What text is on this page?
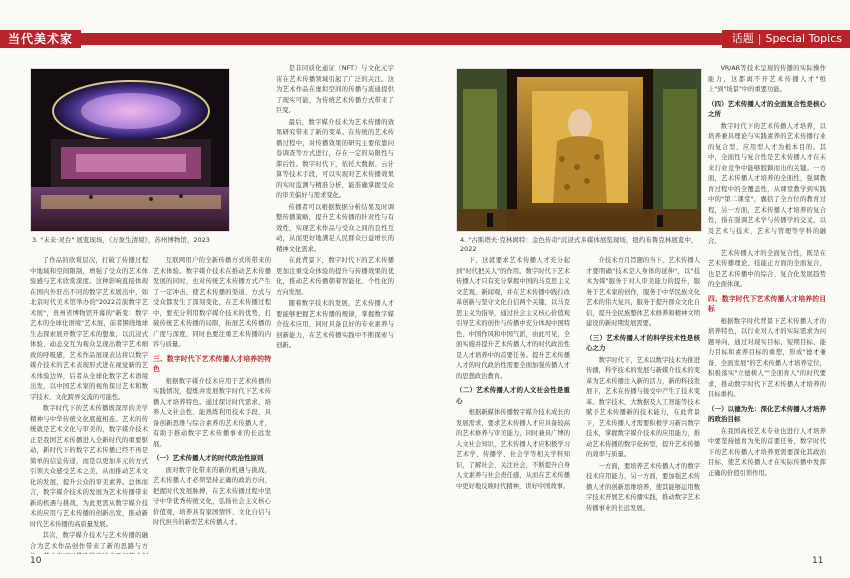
当代美术家	话题 | Special Topics
3. "未来·灵台" 展览现场，《万象生清境》，苏州博物馆，2023

了作品的欣赏层次，打破了传播过程中地域和空间限制，增强了受众的艺术体验感与艺术欣赏深度。这种影响直接体现在国内外驻出不同的数字艺术展出中，如北京时代美术馆举办的"2022首演数字艺术展"，贵州省博物馆开幕的"新变：数字艺术的全球化语境"艺术展，前者围绕地球生态探索展开数字艺术的想象，以沉浸式体验、动态交互为观众呈现出数字艺术细致的呼吸感，艺术作品展现表达将以数字媒介技术的艺术表现形式进在视觉新的艺术体验边界，后者从全球化数字艺术语境出发，以中国艺术家的视角探讨艺术和数字技术、文化跨界交流的可能性。

数字时代下的艺术传播既深厚的美学精神与中华传统文化底蕴相连。艺术的传统就是艺术文化与审美的，数字媒介技术正是我国艺术传播进入全新时代的重要驱动，新时代下的数字艺术传播已经不再是简单的信息传递，而是以更加多元的方式引领大众感受艺术之美，从而推动艺术文化的发展，提升公众的审美素养。总体而言，数字媒介技术的发展为艺术传播带来新的机遇与挑战，为此更需从数字媒介技术的应用与艺术传播的创新出发，推动新时代艺术传播的高质量发展。

其次，数字媒介技术与艺术传播的融合为艺术作品创作带来了新的思路与方

互联网用户的全新传播方式所带来的艺术体验。数字媒介技术在推动艺术传播发展的同时，也对传统艺术传播方式产生了一定冲击，使艺术传播的渠道、方式与受众都发生了深刻变化，在艺术传播过程中，要充分利用数字媒介技术的优势，打破传统艺术传播的局限，拓展艺术传播的广度与深度，同时也要注重艺术传播的内容与质量。

三、数字时代下艺术传播人才培养的特色

根据数字媒介技术应用于艺术传播的实践情况，提炼并发展数字时代下艺术传播人才培养特色。通过探讨时代需求、培养人文社会性、能熟练利用技术手段、具备创新思维与综合素养的艺术传播人才，有助于推动数字艺术传播事业的长远发展。

（一）艺术传播人才的时代政治性原则

面对数字化带来的新的机遇与挑战，艺术传播人才必须坚持正确的政治方向，把握时代发展脉搏，在艺术传播过程中坚守中华优秀传统文化，弘扬社会主义核心价值观，培养具有家国情怀、文化自信与时代担当的新型艺术传播人才。

是非同质化通证（NFT）与文化元宇宙在艺术传播领域引起了广泛的关注。这为艺术作品在虚拟空间的传播与流通提供了现实可能，为传统艺术传播方式带来了巨变。

最后，数字媒介技术为艺术传播的效果研究带来了新的变革。在传统的艺术传播过程中，对传播效果的研究主要依靠问卷调查等方式进行，存在一定的局限性与滞后性。数字时代下，依托大数据、云计算等技术手段，可以实现对艺术传播效果的实时监测与精准分析，能准确掌握受众的审美偏好与需求变化。

传播者可以根据数据分析结果及时调整传播策略，提升艺术传播的针对性与有效性，实现艺术作品与受众之间的良性互动，从而更好地满足人民群众日益增长的精神文化需求。

在此背景下，数字时代下的艺术传播更加注重受众体验的提升与传播效果的优化，推动艺术传播朝着智能化、个性化的方向发展。

随着数字技术的发展，艺术传播人才要能够把握艺术传播的规律，掌握数字媒介技术应用，同时具备良好的专业素养与创新能力，在艺术传播实践中不断探索与创新。

10
4. "古斯塔夫·克林姆特：金色传奇"沉浸式多媒体展览现场，纽约布鲁克林展览中，2022

下，这就要求艺术传播人才充分起到"时代把关人"的作用。数字时代下艺术传播人才只有充分掌握中国的马克思主义文艺观，新闻观，并在艺术传播中践行改革创新与坚守文化自信两个关键，以马克思主义为指导，通过社会主义核心价值观引导艺术的创作与传播中充分体现中国特色、中国作风和中国气派，由此可见，全面实施并提升艺术传播人才的时代政治性是人才培养中的首要任务。提升艺术传播人才的时代政治性需要全面加强传播人才的思想政治教育。

（二）艺术传播人才的人文社会性是重心

根据新媒体传播数字媒介技术成长的发展需求，要求艺术传播人才应具备较高的艺术修养与审美能力，同时兼具广博的人文社会知识，艺术传播人才应积极学习艺术学、传播学、社会学等相关学科知识，了解社会、关注社会，不断提升自身人文素养与社会责任感，从而在艺术传播中更好地反映时代精神，讲好中国故事。

介技术方月旨题的当下，艺术传播人才要明确"技术是人身体的延伸"，以"技术为媒"服务于对人审美能力的提升，服务于艺术家的创作，服务于中华民族文化艺术的伟大复兴，服务于提升群众文化自信，提升全民族整体艺术修养和精神文明建设的新时期发展需要。

（三）艺术传播人才的科学技术性是核心之力

数字时代下，艺术以数字技术为推进传播，科学技术的发展与新媒介技术的变革为艺术传播注入新的活力，新的科技发展下，艺术在传播与接受中产生了技术变革。数字技术，大数据及人工智能等技术赋予艺术传播新的技术能力，在此背景下，艺术传播人才需要积极学习新兴数字技术，掌握数字媒介技术的应用能力，推动艺术传播的数字化转型，提升艺术传播的效率与质量。

一方面，要培养艺术传播人才的数字技术应用能力，另一方面，要加强艺术传播人才的创新思维培养，使其能够运用数字技术开展艺术传播实践，推动数字艺术传播事业的长远发展。

VR/AR等技术呈现的传播的实际操作能力，这都离不开艺术传播人才"纸上"到"场景"中的重要功能。

（四）艺术传播人才的全面复合性是核心之所

数字时代下的艺术传播人才培养，以培养兼具理论与实践素养的艺术传播行业的复合型、应用型人才为根本目的。其中，全面性与复合性是艺术传播人才在未来行业竞争中能够脱颖而出的关键。一方面，艺术传播人才培养的全面性，强调教育过程中的全覆盖性，从课堂教学到实践中的"第二课堂"，囊括了全方位的教育过程，另一方面，艺术传播人才培养的复合性，指在强调艺术学与传播学的交叉，以及艺术与技术、艺术与管理等学科的融合。

艺术传播人才的全面复合性，既是在艺术传播理论、技能正方面的全面复合，也是艺术传播中的综合、复合化发展趋势的全面体现。

四、数字时代下艺术传播人才培养的目标

根据数字时代背景下艺术传播人才的培养特色，以行业对人才的实际需求为问题导向，通过对现实目标，短期目标、能力目标和素养目标的重塑，形成"德才兼备、全面发展"的艺术传播人才培养定位，积极落实"立德树人""全面育人"的时代要求，推动数字时代下艺术传播人才培养的目标重构。

（一）以德为先：深化艺术传播人才培养的政治目标

在我国高校艺术专业也进行人才培养中要坚持德育为先的首要任务，数字时代下的艺术传播人才培养更需要深化其政治目标，使艺术传播人才在实际传播中发挥正确的价值引领作用。

11
